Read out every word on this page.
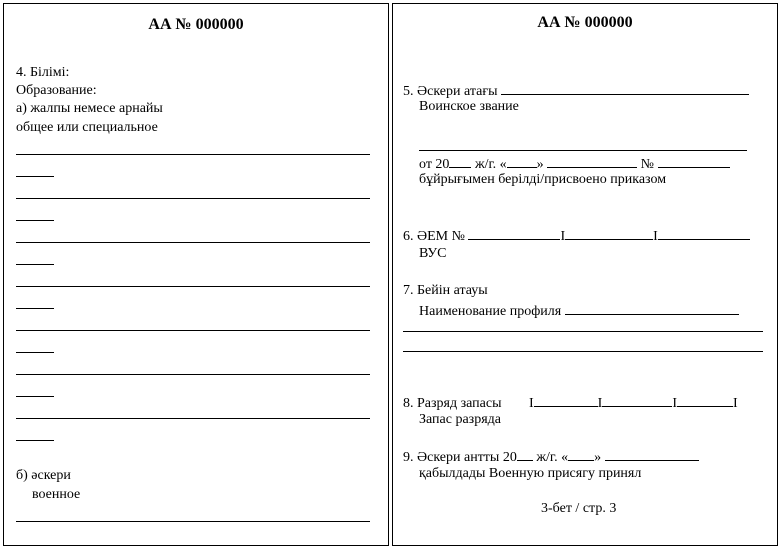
АА № 000000
4. Білімі:
Образование:
а) жалпы немесе арнайы
общее или специальное
б) әскери
военное
АА № 000000
5. Әскери атағы
Воинское звание
от 20 ж/г. « »	№
бұйрығымен берілді/присвоено приказом
6. ӘЕМ №	I	I
ВУС
7. Бейін атауы
Наименование профиля
8. Разряд запасы I	I	I	I
Запас разряда
9. Әскери антты 20 ж/г. « »
қабылдады Военную присягу принял
3-бет / стр. 3
